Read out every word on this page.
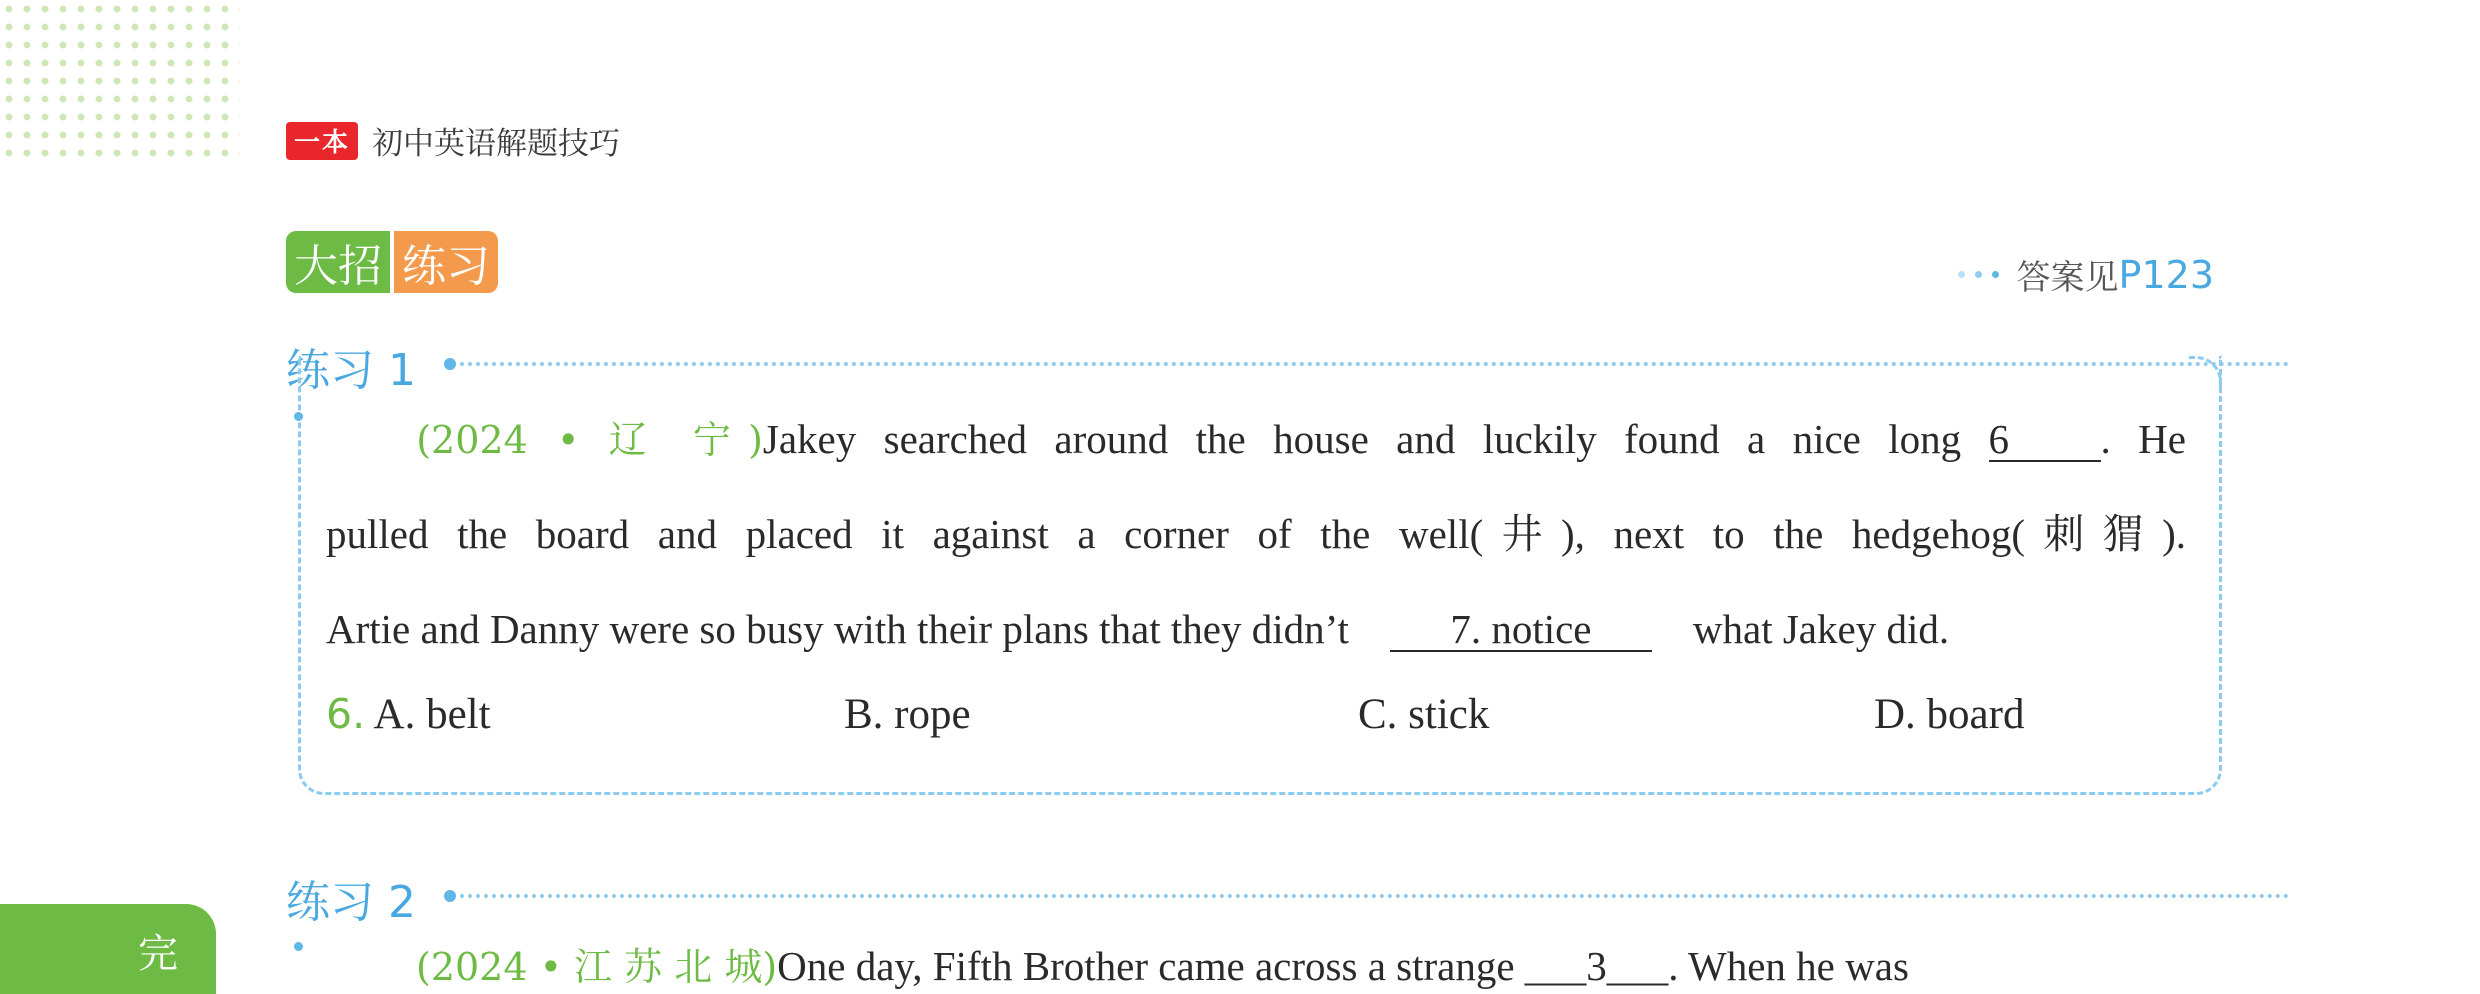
一本 初中英语解题技巧
大招 练习	答案见 P123
练习 1
   (2024 • 辽 宁)Jakey searched around the house and luckily found a nice long 6 . He
pulled the board and placed it against a corner of the well(井), next to the hedgehog(刺猬).
Artie and Danny were so busy with their plans that they didn’t  7. notice  what Jakey did.
6. A. belt	B. rope	C. stick	D. board
练习 2
(2024 • 江 苏 北 城)One day, Fifth Brother came across a strange ___3___. When he was
完
